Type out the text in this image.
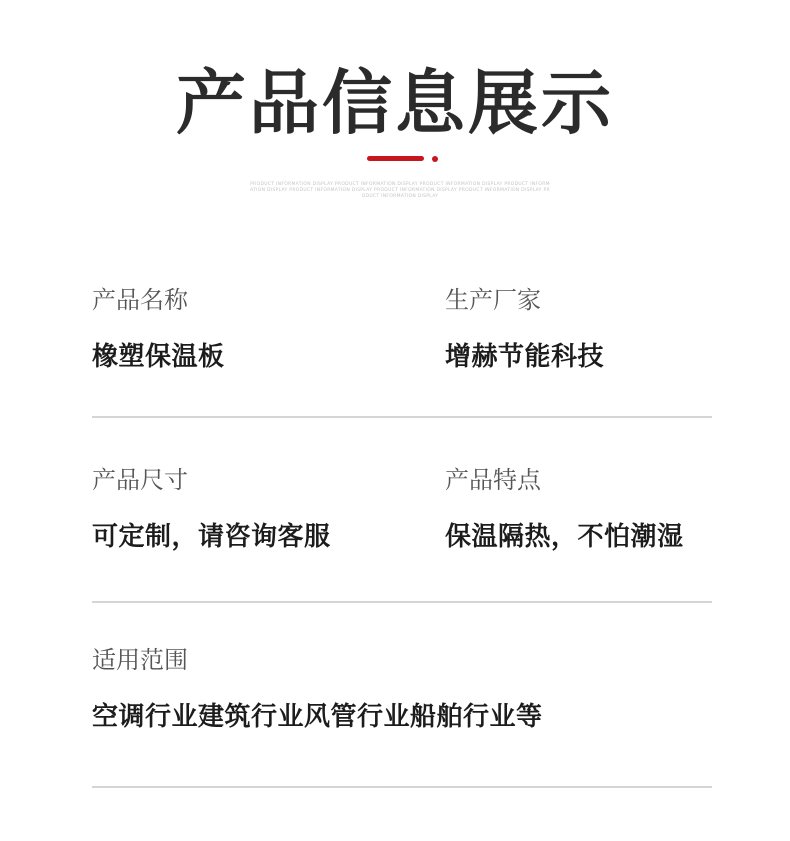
产品信息展示
PRODUCT INFORMATION DISPLAY PRODUCT INFORMATION DISPLAY PRODUCT INFORMATION DISPLAY PRODUCT INFORMATION DISPLAY PRODUCT INFORMATION DISPLAY PRODUCT INFORMATION DISPLAY PRODUCT INFORMATION DISPLAY PRODUCT INFORMATION DISPLAY
产品名称
橡塑保温板
生产厂家
增赫节能科技
产品尺寸
可定制，请咨询客服
产品特点
保温隔热，不怕潮湿
适用范围
空调行业建筑行业风管行业船舶行业等
